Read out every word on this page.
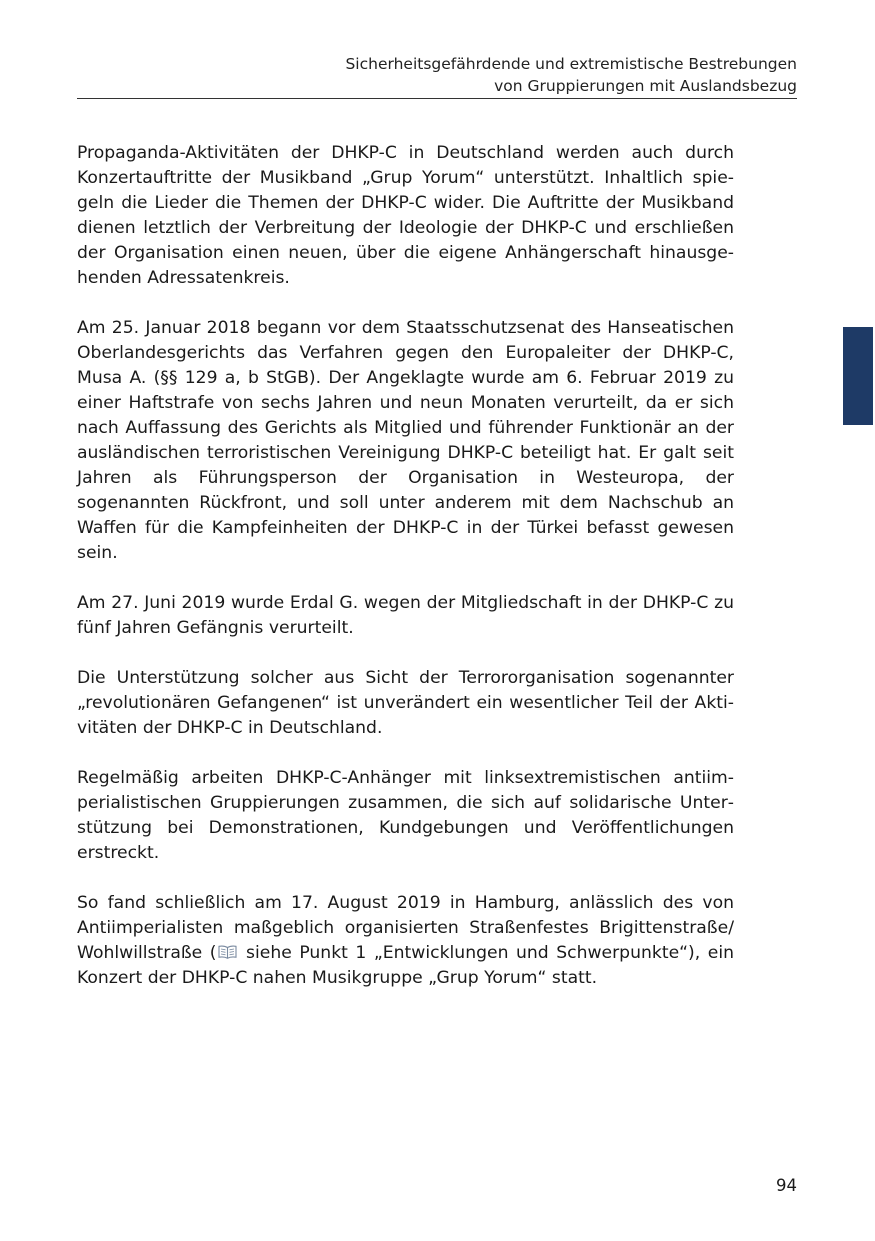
Sicherheitsgefährdende und extremistische Bestrebungen
von Gruppierungen mit Auslandsbezug

Propaganda-Aktivitäten der DHKP-C in Deutschland werden auch durch Konzertauftritte der Musikband „Grup Yorum“ unterstützt. Inhaltlich spiegeln die Lieder die Themen der DHKP-C wider. Die Auftritte der Musikband dienen letztlich der Verbreitung der Ideologie der DHKP-C und erschließen der Organisation einen neuen, über die eigene Anhängerschaft hinausgehenden Adressatenkreis.

Am 25. Januar 2018 begann vor dem Staatsschutzsenat des Hanseatischen Oberlandesgerichts das Verfahren gegen den Europaleiter der DHKP-C, Musa A. (§§ 129 a, b StGB). Der Angeklagte wurde am 6. Februar 2019 zu einer Haftstrafe von sechs Jahren und neun Monaten verurteilt, da er sich nach Auffassung des Gerichts als Mitglied und führender Funktionär an der ausländischen terroristischen Vereinigung DHKP-C beteiligt hat. Er galt seit Jahren als Führungsperson der Organisation in Westeuropa, der sogenannten Rückfront, und soll unter anderem mit dem Nachschub an Waffen für die Kampfeinheiten der DHKP-C in der Türkei befasst gewesen sein.

Am 27. Juni 2019 wurde Erdal G. wegen der Mitgliedschaft in der DHKP-C zu fünf Jahren Gefängnis verurteilt.

Die Unterstützung solcher aus Sicht der Terrororganisation sogenannter „revolutionären Gefangenen“ ist unverändert ein wesentlicher Teil der Aktivitäten der DHKP-C in Deutschland.

Regelmäßig arbeiten DHKP-C-Anhänger mit linksextremistischen antiimperialistischen Gruppierungen zusammen, die sich auf solidarische Unterstützung bei Demonstrationen, Kundgebungen und Veröffentlichungen erstreckt.

So fand schließlich am 17. August 2019 in Hamburg, anlässlich des von Antiimperialisten maßgeblich organisierten Straßenfestes Brigittenstraße/ Wohlwillstraße ( siehe Punkt 1 „Entwicklungen und Schwerpunkte“), ein Konzert der DHKP-C nahen Musikgruppe „Grup Yorum“ statt.

94
